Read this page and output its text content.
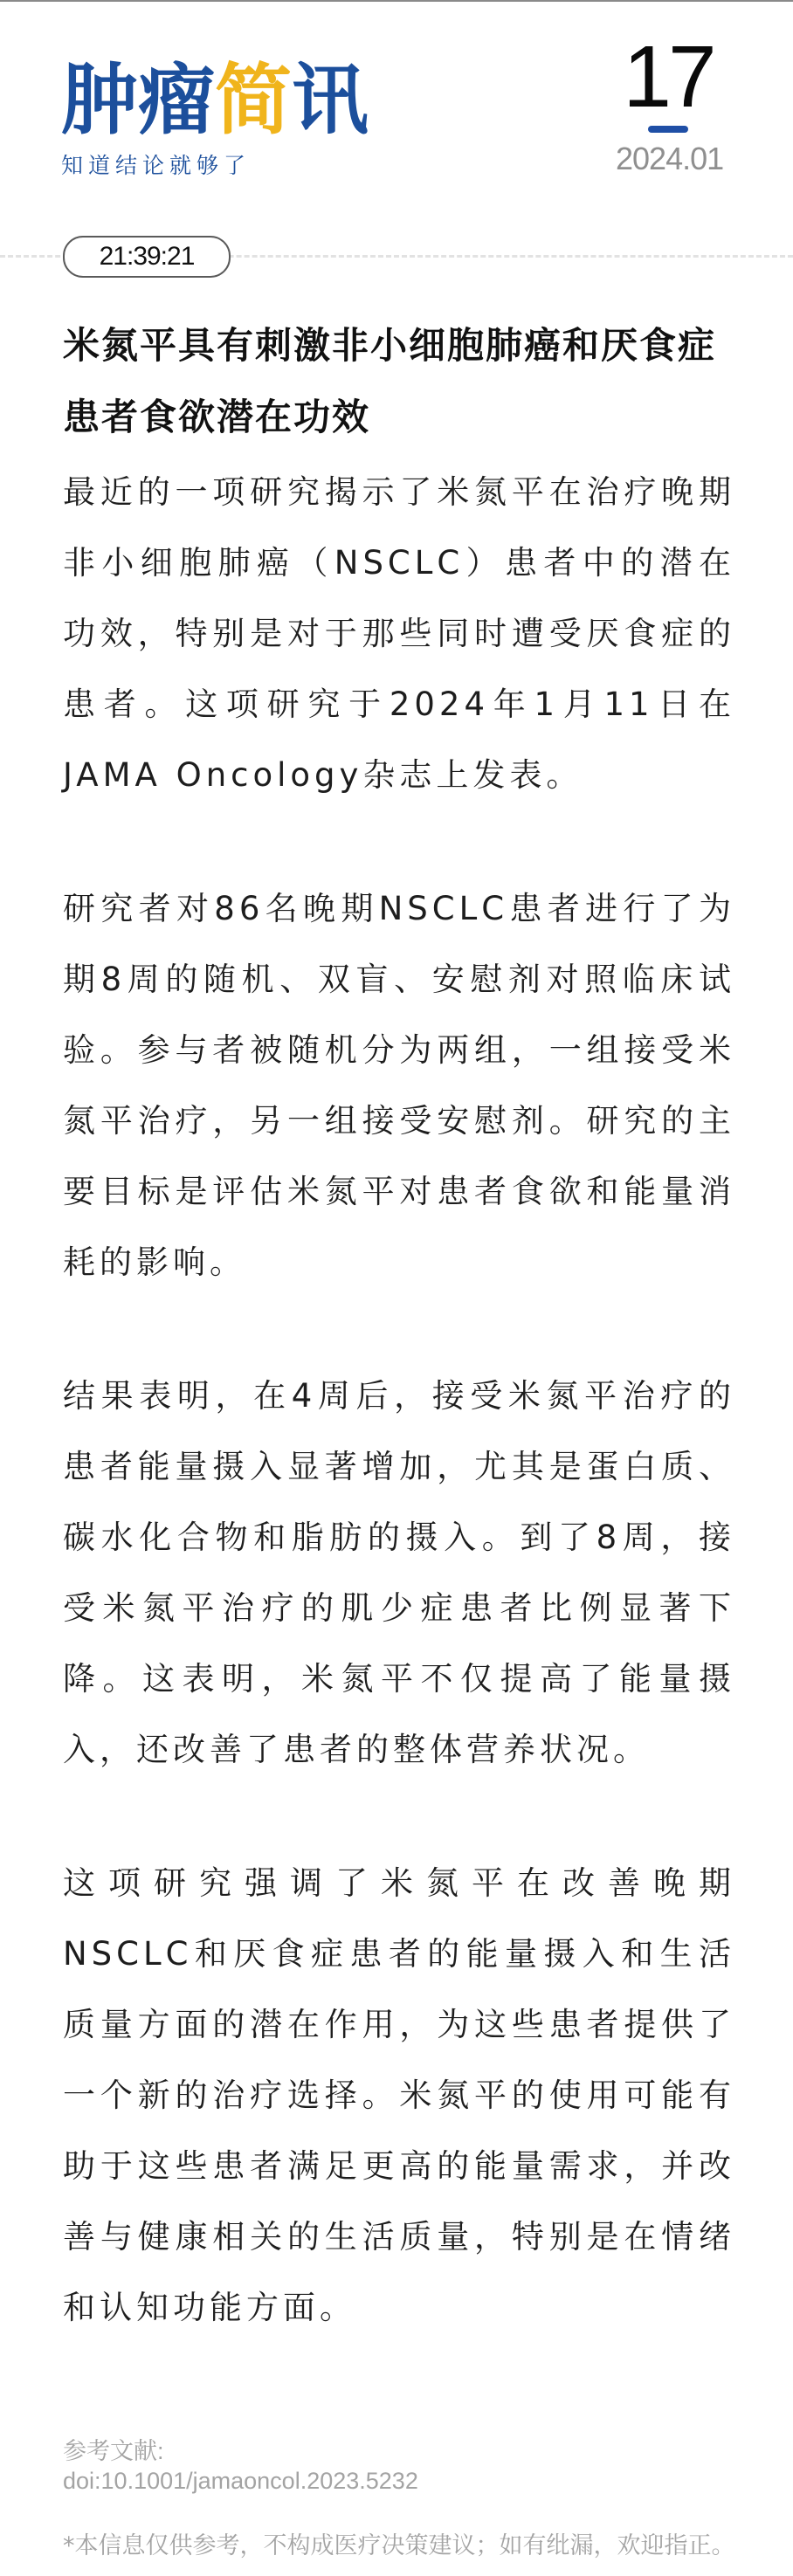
肿瘤简讯
知道结论就够了
17
2024.01
21:39:21
米氮平具有刺激非小细胞肺癌和厌食症患者食欲潜在功效

最近的一项研究揭示了米氮平在治疗晚期非小细胞肺癌（NSCLC）患者中的潜在功效，特别是对于那些同时遭受厌食症的患者。这项研究于2024年1月11日在JAMA Oncology杂志上发表。

研究者对86名晚期NSCLC患者进行了为期8周的随机、双盲、安慰剂对照临床试验。参与者被随机分为两组，一组接受米氮平治疗，另一组接受安慰剂。研究的主要目标是评估米氮平对患者食欲和能量消耗的影响。

结果表明，在4周后，接受米氮平治疗的患者能量摄入显著增加，尤其是蛋白质、碳水化合物和脂肪的摄入。到了8周，接受米氮平治疗的肌少症患者比例显著下降。这表明，米氮平不仅提高了能量摄入，还改善了患者的整体营养状况。

这项研究强调了米氮平在改善晚期NSCLC和厌食症患者的能量摄入和生活质量方面的潜在作用，为这些患者提供了一个新的治疗选择。米氮平的使用可能有助于这些患者满足更高的能量需求，并改善与健康相关的生活质量，特别是在情绪和认知功能方面。

参考文献:
doi:10.1001/jamaoncol.2023.5232
*本信息仅供参考，不构成医疗决策建议；如有纰漏，欢迎指正。
